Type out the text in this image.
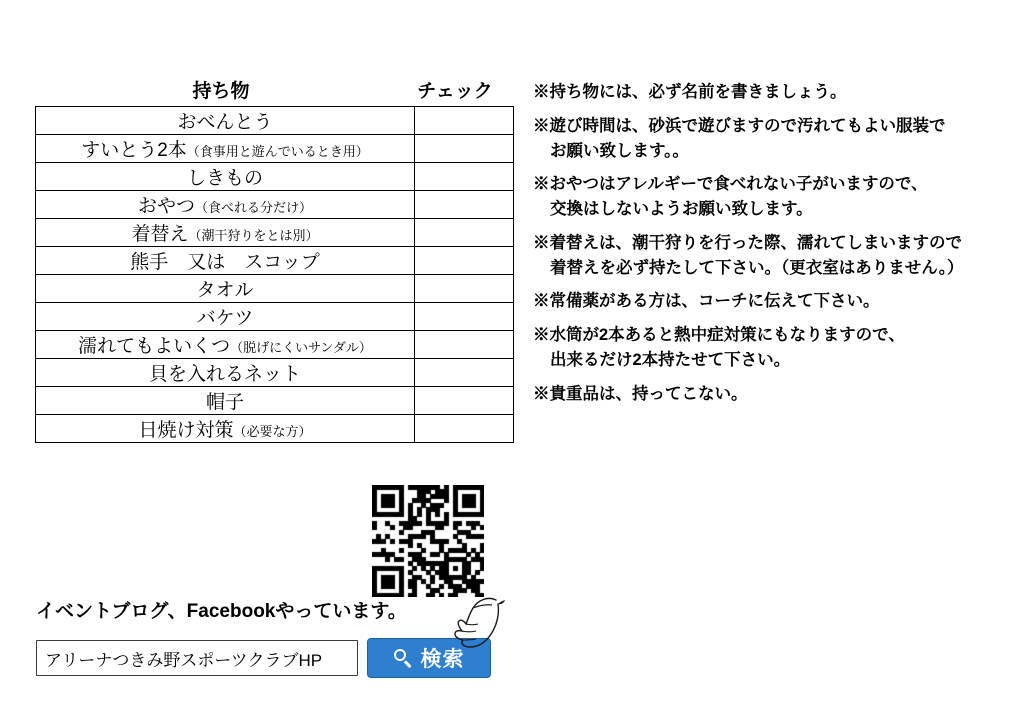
持ち物	チェック
おべんとう	
すいとう2本（食事用と遊んでいるとき用）	
しきもの	
おやつ（食べれる分だけ）	
着替え（潮干狩りをとは別）	
熊手　又は　スコップ	
タオル	
バケツ	
濡れてもよいくつ（脱げにくいサンダル）	
貝を入れるネット	
帽子	
日焼け対策（必要な方）	
※持ち物には、必ず名前を書きましょう。
※遊び時間は、砂浜で遊びますので汚れてもよい服装で
お願い致します。。
※おやつはアレルギーで食べれない子がいますので、
交換はしないようお願い致します。
※着替えは、潮干狩りを行った際、濡れてしまいますので
着替えを必ず持たして下さい。（更衣室はありません。）
※常備薬がある方は、コーチに伝えて下さい。
※水筒が2本あると熱中症対策にもなりますので、
出来るだけ2本持たせて下さい。
※貴重品は、持ってこない。
イベントブログ、Facebookやっています。
アリーナつきみ野スポーツクラブHP
検索
